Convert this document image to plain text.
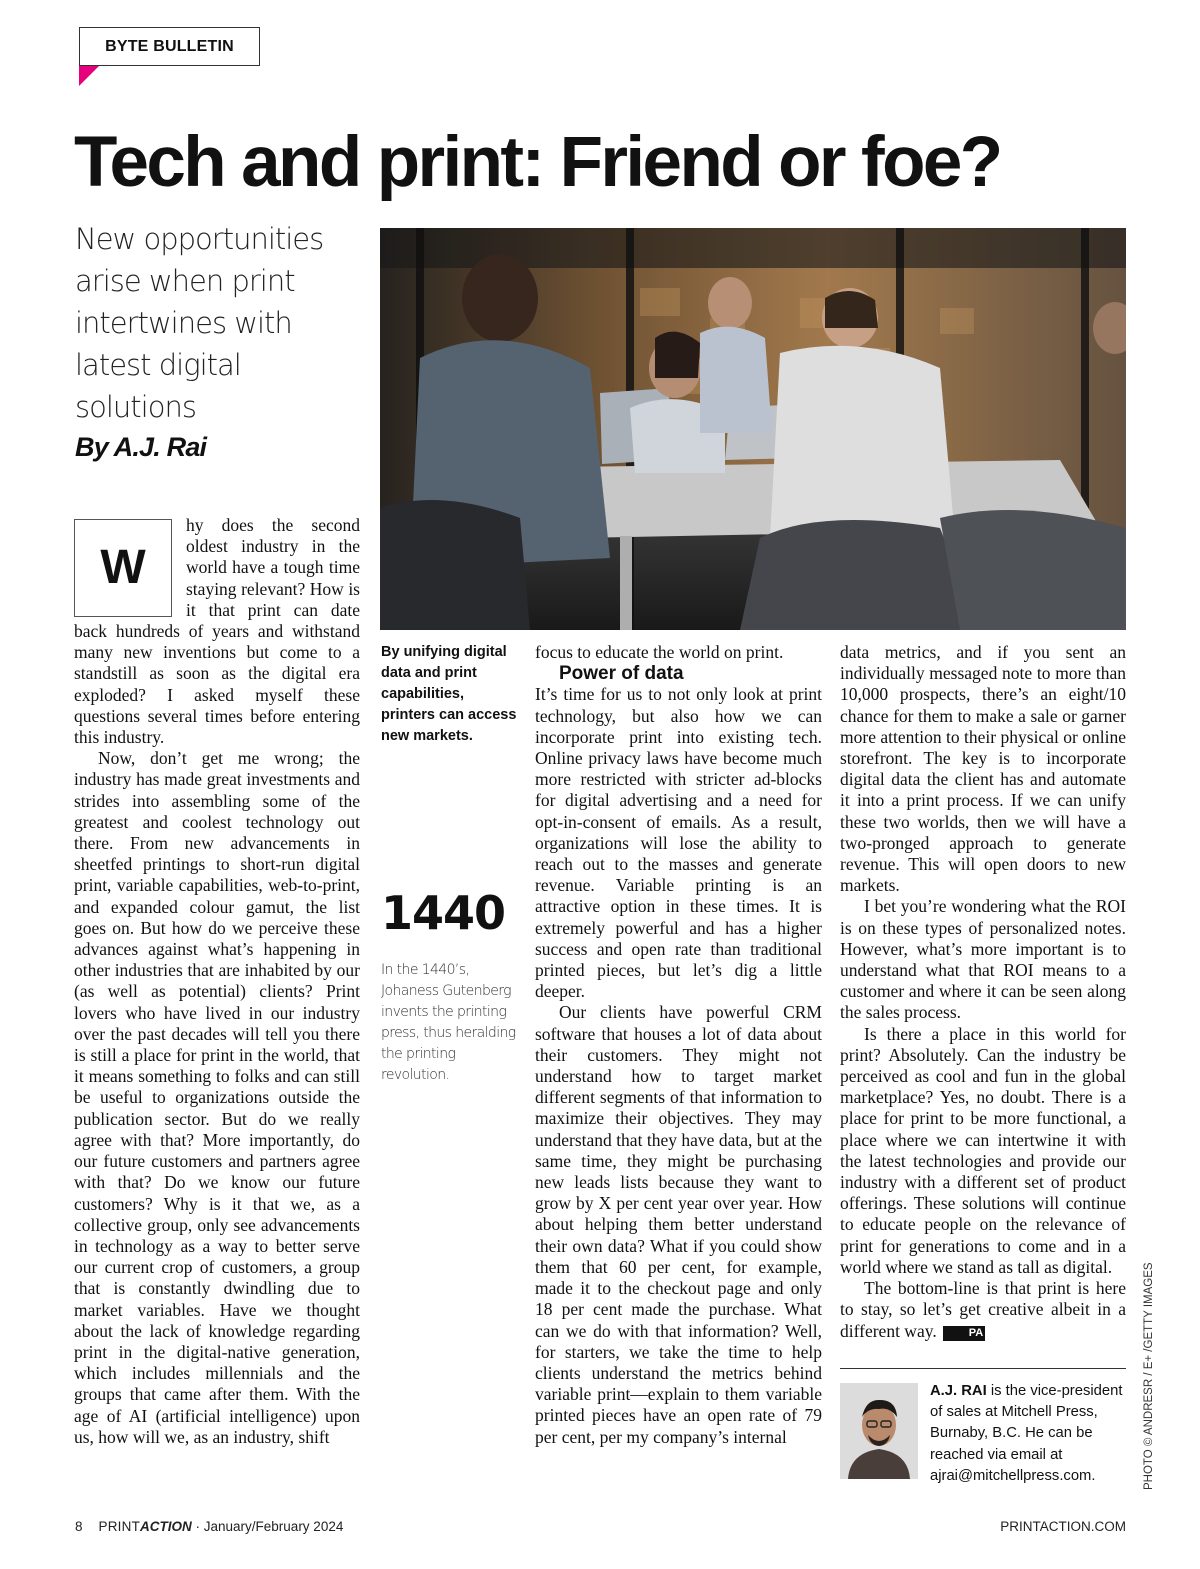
BYTE BULLETIN
Tech and print: Friend or foe?

New opportunities arise when print intertwines with latest digital solutions

By A.J. Rai
W

hy does the second oldest industry in the world have a tough time staying relevant? How is it that print can date back hundreds of years and withstand many new inventions but come to a standstill as soon as the digital era exploded? I asked myself these questions several times before entering this industry.

Now, don’t get me wrong; the industry has made great investments and strides into assembling some of the greatest and coolest technology out there. From new advancements in sheetfed printings to short-run digital print, variable capabilities, web-to-print, and expanded colour gamut, the list goes on. But how do we perceive these advances against what’s happening in other industries that are inhabited by our (as well as potential) clients? Print lovers who have lived in our industry over the past decades will tell you there is still a place for print in the world, that it means something to folks and can still be useful to organizations outside the publication sector. But do we really agree with that? More importantly, do our future customers and partners agree with that? Do we know our future customers? Why is it that we, as a collective group, only see advancements in technology as a way to better serve our current crop of customers, a group that is constantly dwindling due to market variables. Have we thought about the lack of knowledge regarding print in the digital-native generation, which includes millennials and the groups that came after them. With the age of AI (artificial intelligence) upon us, how will we, as an industry, shift

By unifying digital data and print capabilities, printers can access new markets.

1440

In the 1440’s, Johaness Gutenberg invents the printing press, thus heralding the printing revolution.

focus to educate the world on print.

Power of data

It’s time for us to not only look at print technology, but also how we can incorporate print into existing tech. Online privacy laws have become much more restricted with stricter ad-blocks for digital advertising and a need for opt-in-consent of emails. As a result, organizations will lose the ability to reach out to the masses and generate revenue. Variable printing is an attractive option in these times. It is extremely powerful and has a higher success and open rate than traditional printed pieces, but let’s dig a little deeper.

Our clients have powerful CRM software that houses a lot of data about their customers. They might not understand how to target market different segments of that information to maximize their objectives. They may understand that they have data, but at the same time, they might be purchasing new leads lists because they want to grow by X per cent year over year. How about helping them better understand their own data? What if you could show them that 60 per cent, for example, made it to the checkout page and only 18 per cent made the purchase. What can we do with that information? Well, for starters, we take the time to help clients understand the metrics behind variable print—explain to them variable printed pieces have an open rate of 79 per cent, per my company’s internal

data metrics, and if you sent an individually messaged note to more than 10,000 prospects, there’s an eight/10 chance for them to make a sale or garner more attention to their physical or online storefront. The key is to incorporate digital data the client has and automate it into a print process. If we can unify these two worlds, then we will have a two-pronged approach to generate revenue. This will open doors to new markets.

I bet you’re wondering what the ROI is on these types of personalized notes. However, what’s more important is to understand what that ROI means to a customer and where it can be seen along the sales process.

Is there a place in this world for print? Absolutely. Can the industry be perceived as cool and fun in the global marketplace? Yes, no doubt. There is a place for print to be more functional, a place where we can intertwine it with the latest technologies and provide our industry with a different set of product offerings. These solutions will continue to educate people on the relevance of print for generations to come and in a world where we stand as tall as digital.

The bottom-line is that print is here to stay, so let’s get creative albeit in a different way.	PA

A.J. RAI is the vice-president of sales at Mitchell Press, Burnaby, B.C. He can be reached via email at ajrai@mitchellpress.com.	PHOTO © ANDRESR / E+ /GETTY IMAGES
8 PRINTACTION · January/February 2024	PRINTACTION.COM
